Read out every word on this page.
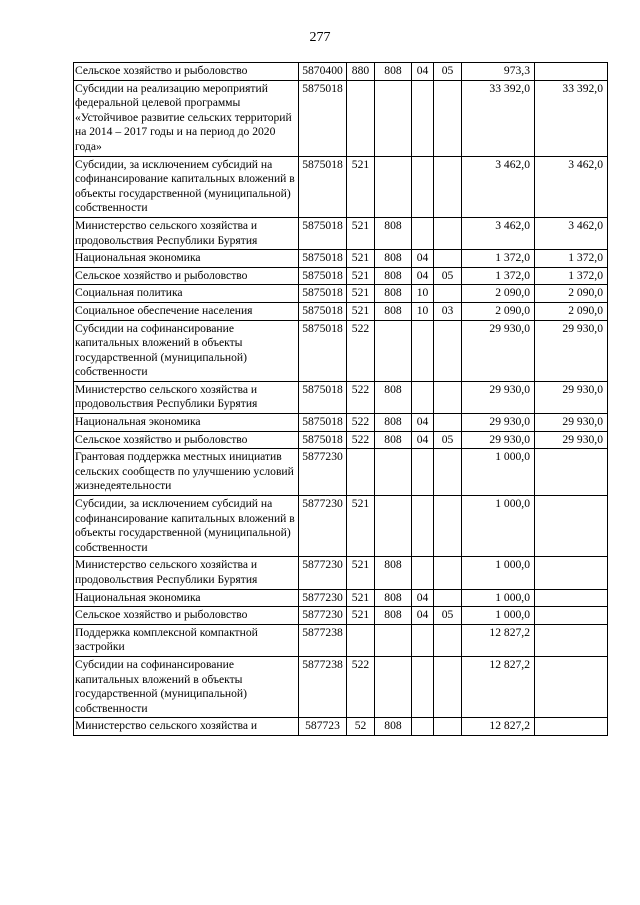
277
Сельское хозяйство и рыболовство	5870400	880	808	04	05	973,3	
Субсидии на реализацию мероприятий федеральной целевой программы «Устойчивое развитие сельских территорий на 2014 – 2017 годы и на период до 2020 года»	5875018					33 392,0	33 392,0
Субсидии, за исключением субсидий на софинансирование капитальных вложений в объекты государственной (муниципальной) собственности	5875018	521				3 462,0	3 462,0
Министерство сельского хозяйства и продовольствия Республики Бурятия	5875018	521	808			3 462,0	3 462,0
Национальная экономика	5875018	521	808	04		1 372,0	1 372,0
Сельское хозяйство и рыболовство	5875018	521	808	04	05	1 372,0	1 372,0
Социальная политика	5875018	521	808	10		2 090,0	2 090,0
Социальное обеспечение населения	5875018	521	808	10	03	2 090,0	2 090,0
Субсидии на софинансирование капитальных вложений в объекты государственной (муниципальной) собственности	5875018	522				29 930,0	29 930,0
Министерство сельского хозяйства и продовольствия Республики Бурятия	5875018	522	808			29 930,0	29 930,0
Национальная экономика	5875018	522	808	04		29 930,0	29 930,0
Сельское хозяйство и рыболовство	5875018	522	808	04	05	29 930,0	29 930,0
Грантовая поддержка местных инициатив сельских сообществ по улучшению условий жизнедеятельности	5877230					1 000,0	
Субсидии, за исключением субсидий на софинансирование капитальных вложений в объекты государственной (муниципальной) собственности	5877230	521				1 000,0	
Министерство сельского хозяйства и продовольствия Республики Бурятия	5877230	521	808			1 000,0	
Национальная экономика	5877230	521	808	04		1 000,0	
Сельское хозяйство и рыболовство	5877230	521	808	04	05	1 000,0	
Поддержка комплексной компактной застройки	5877238					12 827,2	
Субсидии на софинансирование капитальных вложений в объекты государственной (муниципальной) собственности	5877238	522				12 827,2	
Министерство сельского хозяйства и	587723	52	808			12 827,2	
